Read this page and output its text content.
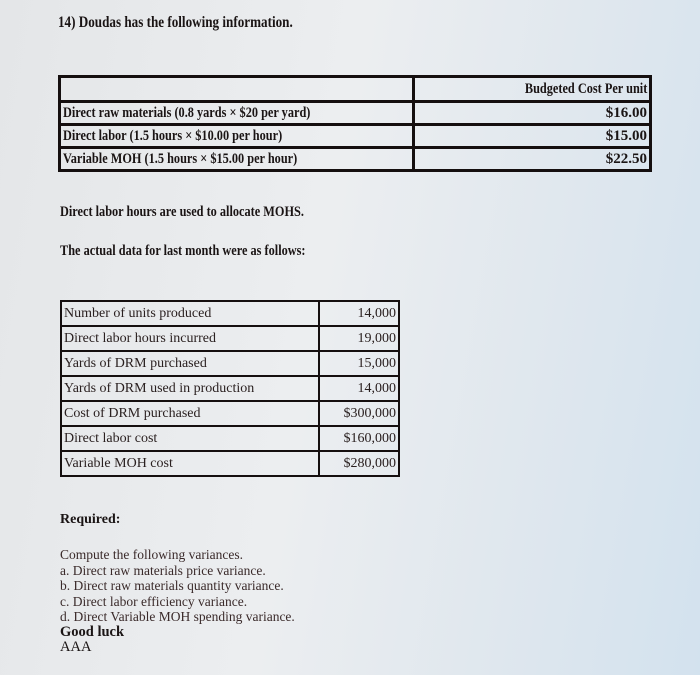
14) Doudas has the following information.
	Budgeted Cost Per unit
Direct raw materials (0.8 yards × $20 per yard)	$16.00
Direct labor (1.5 hours × $10.00 per hour)	$15.00
Variable MOH (1.5 hours × $15.00 per hour)	$22.50
Direct labor hours are used to allocate MOHS.
The actual data for last month were as follows:
Number of units produced	14,000
Direct labor hours incurred	19,000
Yards of DRM purchased	15,000
Yards of DRM used in production	14,000
Cost of DRM purchased	$300,000
Direct labor cost	$160,000
Variable MOH cost	$280,000
Required:
Compute the following variances.
a. Direct raw materials price variance.
b. Direct raw materials quantity variance.
c. Direct labor efficiency variance.
d. Direct Variable MOH spending variance.
Good luck
AAA
